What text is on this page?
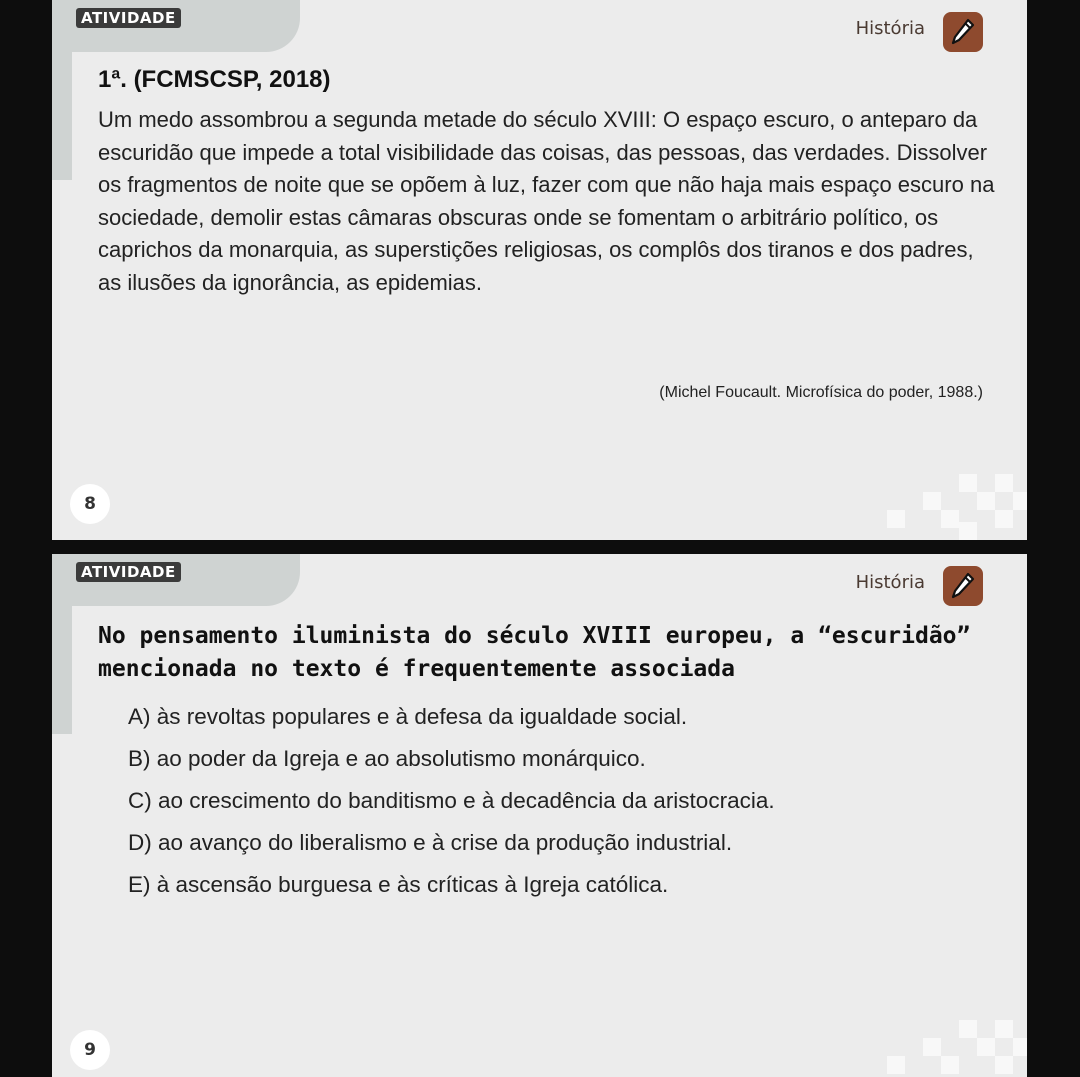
ATIVIDADE	História
1ª. (FCMSCSP, 2018)

Um medo assombrou a segunda metade do século XVIII: O espaço escuro, o anteparo da escuridão que impede a total visibilidade das coisas, das pessoas, das verdades. Dissolver os fragmentos de noite que se opõem à luz, fazer com que não haja mais espaço escuro na sociedade, demolir estas câmaras obscuras onde se fomentam o arbitrário político, os caprichos da monarquia, as superstições religiosas, os complôs dos tiranos e dos padres, as ilusões da ignorância, as epidemias.

(Michel Foucault. Microfísica do poder, 1988.)
8
ATIVIDADE	História

No pensamento iluminista do século XVIII europeu, a “escuridão” mencionada no texto é frequentemente associada

A) às revoltas populares e à defesa da igualdade social.
B) ao poder da Igreja e ao absolutismo monárquico.
C) ao crescimento do banditismo e à decadência da aristocracia.
D) ao avanço do liberalismo e à crise da produção industrial.
E) à ascensão burguesa e às críticas à Igreja católica.
9
